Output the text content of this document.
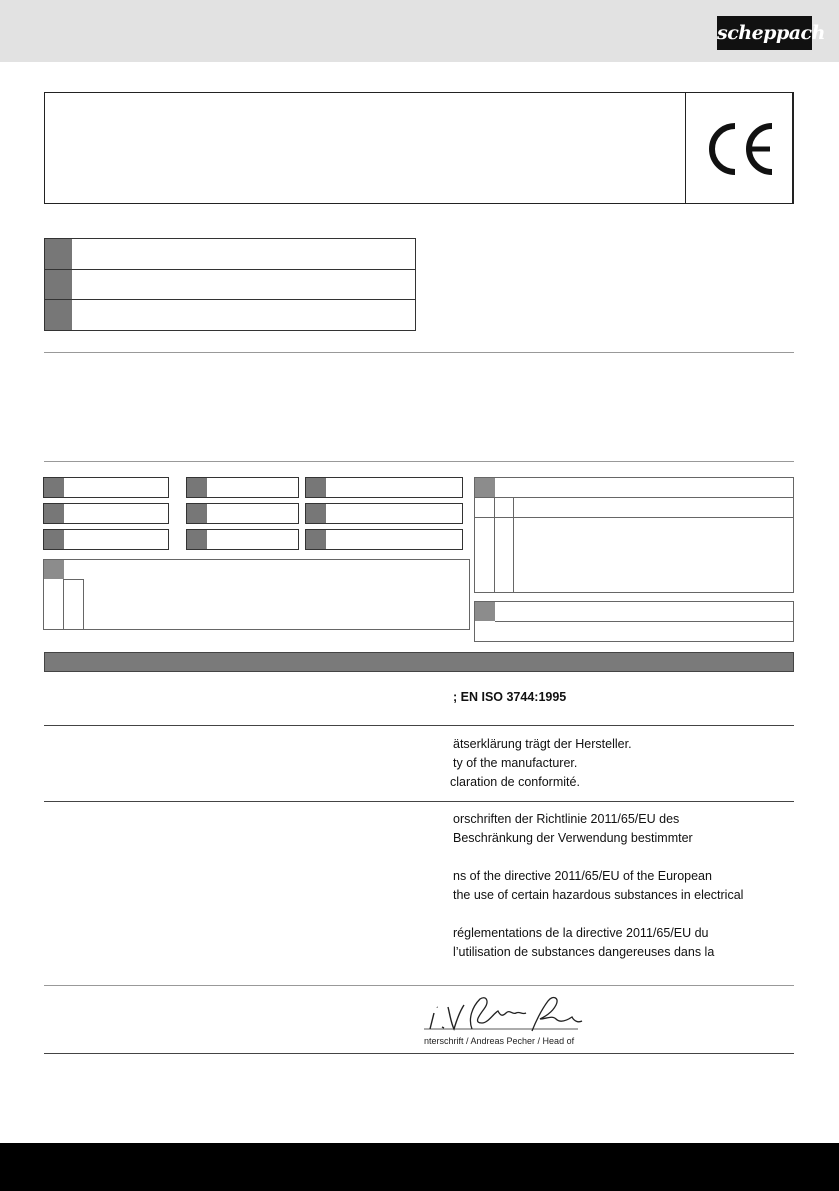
scheppach
; EN ISO 3744:1995
ätserklärung trägt der Hersteller.
ty of the manufacturer.
claration de conformité.
orschriften der Richtlinie 2011/65/EU des
Beschränkung der Verwendung bestimmter
ns of the directive 2011/65/EU of the European
the use of certain hazardous substances in electrical
réglementations de la directive 2011/65/EU du
l’utilisation de substances dangereuses dans la
nterschrift / Andreas Pecher / Head of
